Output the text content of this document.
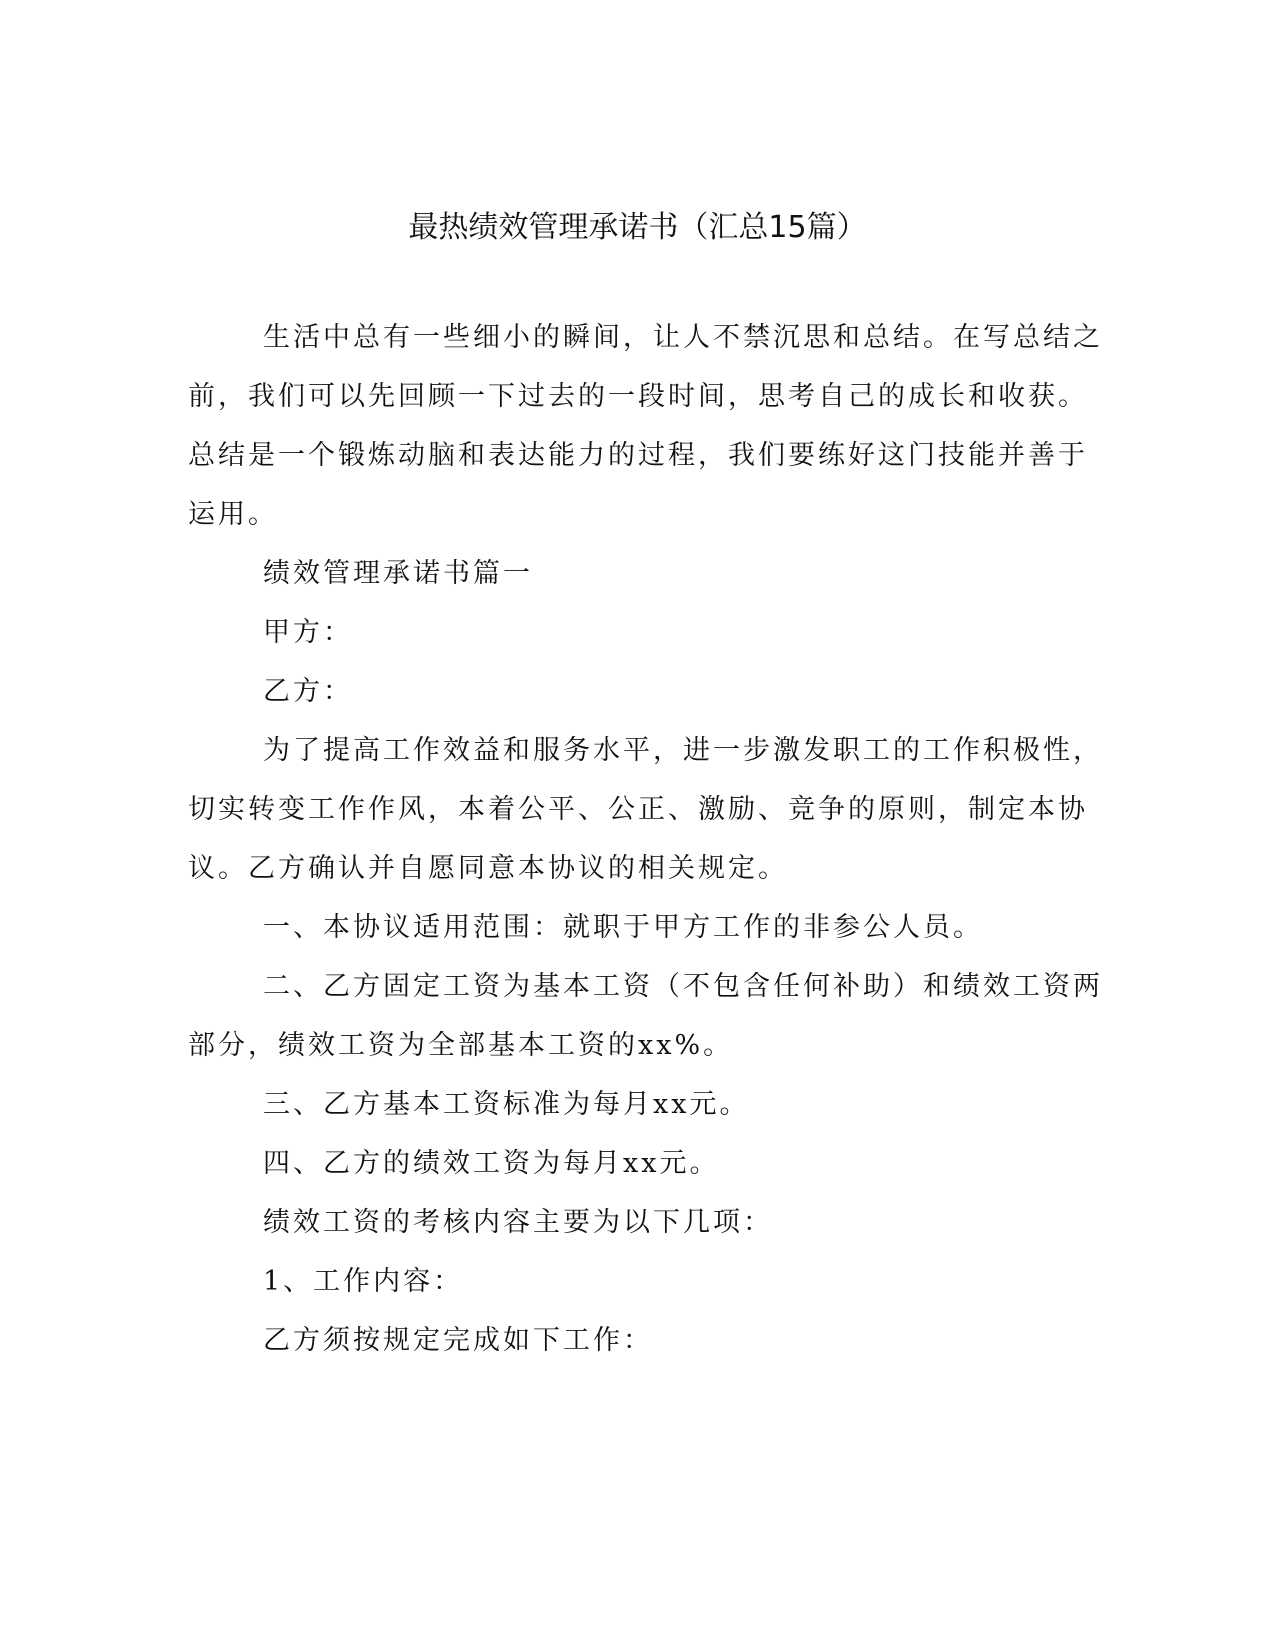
最热绩效管理承诺书（汇总15篇）
生活中总有一些细小的瞬间，让人不禁沉思和总结。在写总结之
前，我们可以先回顾一下过去的一段时间，思考自己的成长和收获。
总结是一个锻炼动脑和表达能力的过程，我们要练好这门技能并善于
运用。
绩效管理承诺书篇一
甲方：
乙方：
为了提高工作效益和服务水平，进一步激发职工的工作积极性，
切实转变工作作风，本着公平、公正、激励、竞争的原则，制定本协
议。乙方确认并自愿同意本协议的相关规定。
一、本协议适用范围：就职于甲方工作的非参公人员。
二、乙方固定工资为基本工资（不包含任何补助）和绩效工资两
部分，绩效工资为全部基本工资的xx%。
三、乙方基本工资标准为每月xx元。
四、乙方的绩效工资为每月xx元。
绩效工资的考核内容主要为以下几项：
1、工作内容：
乙方须按规定完成如下工作：
